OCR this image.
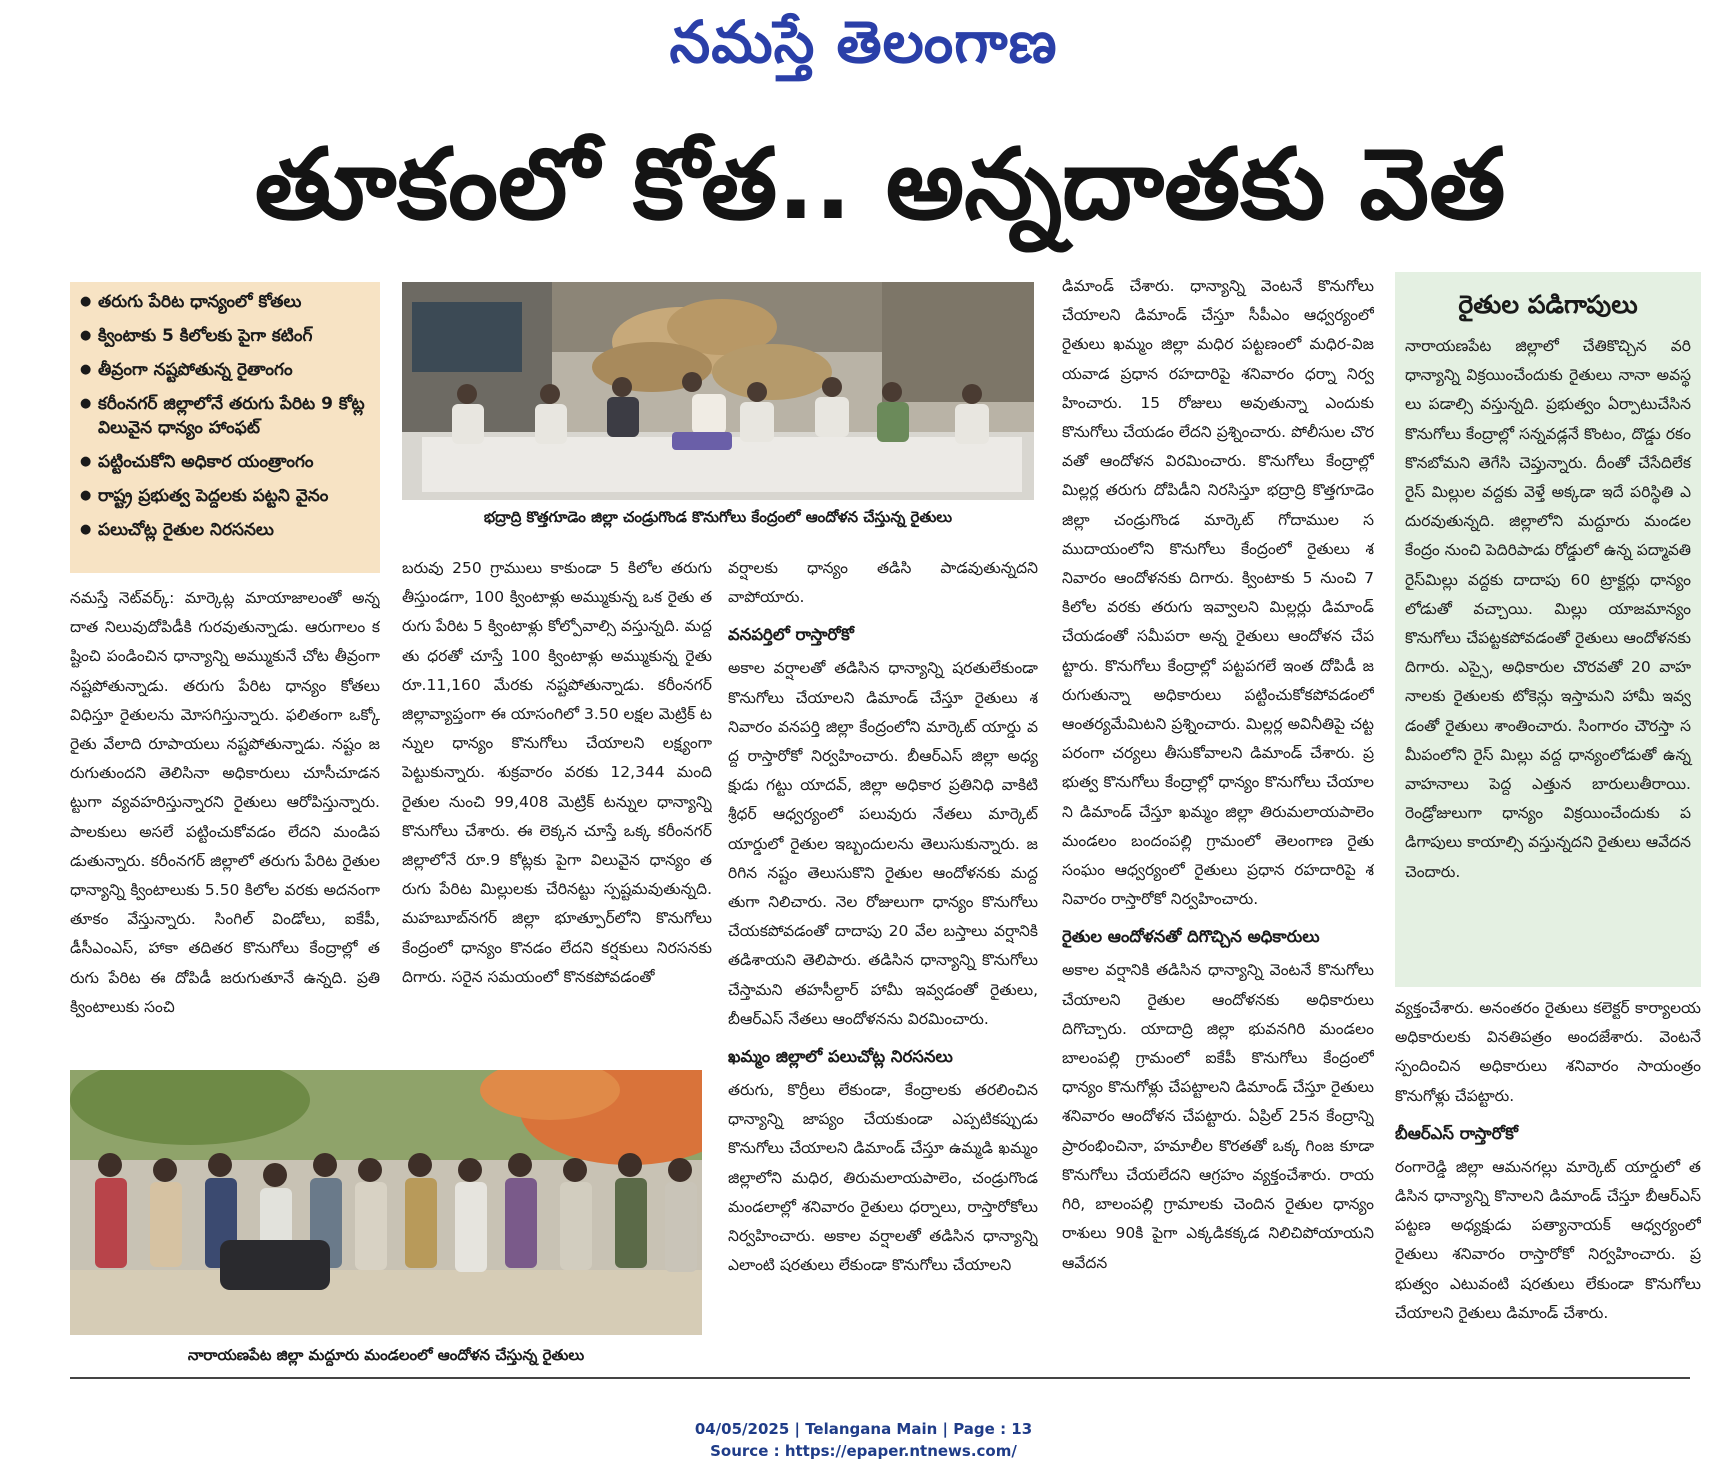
నమస్తే తెలంగాణ
తూకంలో కోత.. అన్నదాతకు వెత
● తరుగు పేరిట ధాన్యంలో కోతలు
● క్వింటాకు 5 కిలోలకు పైగా కటింగ్
● తీవ్రంగా నష్టపోతున్న రైతాంగం
● కరీంనగర్ జిల్లాలోనే తరుగు పేరిట 9 కోట్ల విలువైన ధాన్యం హాంఫట్
● పట్టించుకోని అధికార యంత్రాంగం
● రాష్ట్ర ప్రభుత్వ పెద్దలకు పట్టని వైనం
● పలుచోట్ల రైతుల నిరసనలు
భద్రాద్రి కొత్తగూడెం జిల్లా చండ్రుగొండ కొనుగోలు కేంద్రంలో ఆందోళన చేస్తున్న రైతులు
నారాయణపేట జిల్లా మద్దూరు మండలంలో ఆందోళన చేస్తున్న రైతులు

నమస్తే నెట్‌వర్క్: మార్కెట్ల మాయాజాలంతో అన్నదాత నిలువుదోపిడీకి గురవుతున్నాడు. ఆరుగాలం కష్టించి పండించిన ధాన్యాన్ని అమ్ముకునే చోట తీవ్రంగా నష్టపోతున్నాడు. తరుగు పేరిట ధాన్యం కోతలు విధిస్తూ రైతులను మోసగిస్తున్నారు. ఫలితంగా ఒక్కో రైతు వేలాది రూపాయలు నష్టపోతున్నాడు. నష్టం జరుగుతుందని తెలిసినా అధికారులు చూసీచూడనట్టుగా వ్యవహరిస్తున్నారని రైతులు ఆరోపిస్తున్నారు. పాలకులు అసలే పట్టించుకోవడం లేదని మండిపడుతున్నారు. కరీంనగర్ జిల్లాలో తరుగు పేరిట రైతుల ధాన్యాన్ని క్వింటాలుకు 5.50 కిలోల వరకు అదనంగా తూకం వేస్తున్నారు. సింగిల్ విండోలు, ఐకేపీ, డీసీఎంఎస్, హాకా తదితర కొనుగోలు కేంద్రాల్లో తరుగు పేరిట ఈ దోపిడీ జరుగుతూనే ఉన్నది. ప్రతి క్వింటాలుకు సంచి

బరువు 250 గ్రాములు కాకుండా 5 కిలోల తరుగు తీస్తుండగా, 100 క్వింటాళ్లు అమ్ముకున్న ఒక రైతు తరుగు పేరిట 5 క్వింటాళ్లు కోల్పోవాల్సి వస్తున్నది. మద్దతు ధరతో చూస్తే 100 క్వింటాళ్లు అమ్ముకున్న రైతు రూ.11,160 మేరకు నష్టపోతున్నాడు. కరీంనగర్ జిల్లావ్యాప్తంగా ఈ యాసంగిలో 3.50 లక్షల మెట్రిక్ టన్నుల ధాన్యం కొనుగోలు చేయాలని లక్ష్యంగా పెట్టుకున్నారు. శుక్రవారం వరకు 12,344 మంది రైతుల నుంచి 99,408 మెట్రిక్ టన్నుల ధాన్యాన్ని కొనుగోలు చేశారు. ఈ లెక్కన చూస్తే ఒక్క కరీంనగర్ జిల్లాలోనే రూ.9 కోట్లకు పైగా విలువైన ధాన్యం తరుగు పేరిట మిల్లులకు చేరినట్టు స్పష్టమవుతున్నది. మహబూబ్‌నగర్ జిల్లా భూత్పూర్‌లోని కొనుగోలు కేంద్రంలో ధాన్యం కొనడం లేదని కర్షకులు నిరసనకు దిగారు. సరైన సమయంలో కొనకపోవడంతో

వర్షాలకు ధాన్యం తడిసి పాడవుతున్నదని వాపోయారు.

వనపర్తిలో రాస్తారోకో

అకాల వర్షాలతో తడిసిన ధాన్యాన్ని షరతులేకుండా కొనుగోలు చేయాలని డిమాండ్ చేస్తూ రైతులు శనివారం వనపర్తి జిల్లా కేంద్రంలోని మార్కెట్ యార్డు వద్ద రాస్తారోకో నిర్వహించారు. బీఆర్‌ఎస్ జిల్లా అధ్యక్షుడు గట్టు యాదవ్, జిల్లా అధికార ప్రతినిధి వాకిటి శ్రీధర్ ఆధ్వర్యంలో పలువురు నేతలు మార్కెట్ యార్డులో రైతుల ఇబ్బందులను తెలుసుకున్నారు. జరిగిన నష్టం తెలుసుకొని రైతుల ఆందోళనకు మద్దతుగా నిలిచారు. నెల రోజులుగా ధాన్యం కొనుగోలు చేయకపోవడంతో దాదాపు 20 వేల బస్తాలు వర్షానికి తడిశాయని తెలిపారు. తడిసిన ధాన్యాన్ని కొనుగోలు చేస్తామని తహసీల్దార్ హామీ ఇవ్వడంతో రైతులు, బీఆర్‌ఎస్ నేతలు ఆందోళనను విరమించారు.

ఖమ్మం జిల్లాలో పలుచోట్ల నిరసనలు

తరుగు, కొర్రీలు లేకుండా, కేంద్రాలకు తరలించిన ధాన్యాన్ని జాప్యం చేయకుండా ఎప్పటికప్పుడు కొనుగోలు చేయాలని డిమాండ్ చేస్తూ ఉమ్మడి ఖమ్మం జిల్లాలోని మధిర, తిరుమలాయపాలెం, చండ్రుగొండ మండలాల్లో శనివారం రైతులు ధర్నాలు, రాస్తారోకోలు నిర్వహించారు. అకాల వర్షాలతో తడిసిన ధాన్యాన్ని ఎలాంటి షరతులు లేకుండా కొనుగోలు చేయాలని

డిమాండ్ చేశారు. ధాన్యాన్ని వెంటనే కొనుగోలు చేయాలని డిమాండ్ చేస్తూ సీపీఎం ఆధ్వర్యంలో రైతులు ఖమ్మం జిల్లా మధిర పట్టణంలో మధిర-విజయవాడ ప్రధాన రహదారిపై శనివారం ధర్నా నిర్వహించారు. 15 రోజులు అవుతున్నా ఎందుకు కొనుగోలు చేయడం లేదని ప్రశ్నించారు. పోలీసుల చొరవతో ఆందోళన విరమించారు. కొనుగోలు కేంద్రాల్లో మిల్లర్ల తరుగు దోపిడీని నిరసిస్తూ భద్రాద్రి కొత్తగూడెం జిల్లా చండ్రుగొండ మార్కెట్ గోదాముల సముదాయంలోని కొనుగోలు కేంద్రంలో రైతులు శనివారం ఆందోళనకు దిగారు. క్వింటాకు 5 నుంచి 7 కిలోల వరకు తరుగు ఇవ్వాలని మిల్లర్లు డిమాండ్ చేయడంతో సమీపరా అన్న రైతులు ఆందోళన చేపట్టారు. కొనుగోలు కేంద్రాల్లో పట్టపగలే ఇంత దోపిడీ జరుగుతున్నా అధికారులు పట్టించుకోకపోవడంలో ఆంతర్యమేమిటని ప్రశ్నించారు. మిల్లర్ల అవినీతిపై చట్టపరంగా చర్యలు తీసుకోవాలని డిమాండ్ చేశారు. ప్రభుత్వ కొనుగోలు కేంద్రాల్లో ధాన్యం కొనుగోలు చేయాలని డిమాండ్ చేస్తూ ఖమ్మం జిల్లా తిరుమలాయపాలెం మండలం బందంపల్లి గ్రామంలో తెలంగాణ రైతు సంఘం ఆధ్వర్యంలో రైతులు ప్రధాన రహదారిపై శనివారం రాస్తారోకో నిర్వహించారు.

రైతుల ఆందోళనతో దిగొచ్చిన అధికారులు

అకాల వర్షానికి తడిసిన ధాన్యాన్ని వెంటనే కొనుగోలు చేయాలని రైతుల ఆందోళనకు అధికారులు దిగొచ్చారు. యాదాద్రి జిల్లా భువనగిరి మండలం బాలంపల్లి గ్రామంలో ఐకేపీ కొనుగోలు కేంద్రంలో ధాన్యం కొనుగోళ్లు చేపట్టాలని డిమాండ్ చేస్తూ రైతులు శనివారం ఆందోళన చేపట్టారు. ఏప్రిల్ 25న కేంద్రాన్ని ప్రారంభించినా, హమాలీల కొరతతో ఒక్క గింజ కూడా కొనుగోలు చేయలేదని ఆగ్రహం వ్యక్తంచేశారు. రాయగిరి, బాలంపల్లి గ్రామాలకు చెందిన రైతుల ధాన్యం రాశులు 90కి పైగా ఎక్కడికక్కడ నిలిచిపోయాయని ఆవేదన

రైతుల పడిగాపులు
నారాయణపేట జిల్లాలో చేతికొచ్చిన వరి ధాన్యాన్ని విక్రయించేందుకు రైతులు నానా అవస్థలు పడాల్సి వస్తున్నది. ప్రభుత్వం ఏర్పాటుచేసిన కొనుగోలు కేంద్రాల్లో సన్నవడ్లనే కొంటం, దొడ్డు రకం కొనబోమని తెగేసి చెప్తున్నారు. దీంతో చేసేదిలేక రైస్ మిల్లుల వద్దకు వెళ్తే అక్కడా ఇదే పరిస్థితి ఎదురవుతున్నది. జిల్లాలోని మద్దూరు మండల కేంద్రం నుంచి పెదిరిపాడు రోడ్డులో ఉన్న పద్మావతి రైస్‌మిల్లు వద్దకు దాదాపు 60 ట్రాక్టర్లు ధాన్యం లోడుతో వచ్చాయి. మిల్లు యాజమాన్యం కొనుగోలు చేపట్టకపోవడంతో రైతులు ఆందోళనకు దిగారు. ఎస్సై, అధికారుల చొరవతో 20 వాహనాలకు రైతులకు టోకెన్లు ఇస్తామని హామీ ఇవ్వడంతో రైతులు శాంతించారు. సింగారం చౌరస్తా సమీపంలోని రైస్ మిల్లు వద్ద ధాన్యంలోడుతో ఉన్న వాహనాలు పెద్ద ఎత్తున బారులుతీరాయి. రెండ్రోజులుగా ధాన్యం విక్రయించేందుకు పడిగాపులు కాయాల్సి వస్తున్నదని రైతులు ఆవేదన చెందారు.

వ్యక్తంచేశారు. అనంతరం రైతులు కలెక్టర్ కార్యాలయ అధికారులకు వినతిపత్రం అందజేశారు. వెంటనే స్పందించిన అధికారులు శనివారం సాయంత్రం కొనుగోళ్లు చేపట్టారు.

బీఆర్‌ఎస్ రాస్తారోకో

రంగారెడ్డి జిల్లా ఆమనగల్లు మార్కెట్ యార్డులో తడిసిన ధాన్యాన్ని కొనాలని డిమాండ్ చేస్తూ బీఆర్‌ఎస్ పట్టణ అధ్యక్షుడు పత్యానాయక్ ఆధ్వర్యంలో రైతులు శనివారం రాస్తారోకో నిర్వహించారు. ప్రభుత్వం ఎటువంటి షరతులు లేకుండా కొనుగోలు చేయాలని రైతులు డిమాండ్ చేశారు.

04/05/2025 | Telangana Main | Page : 13
Source : https://epaper.ntnews.com/
